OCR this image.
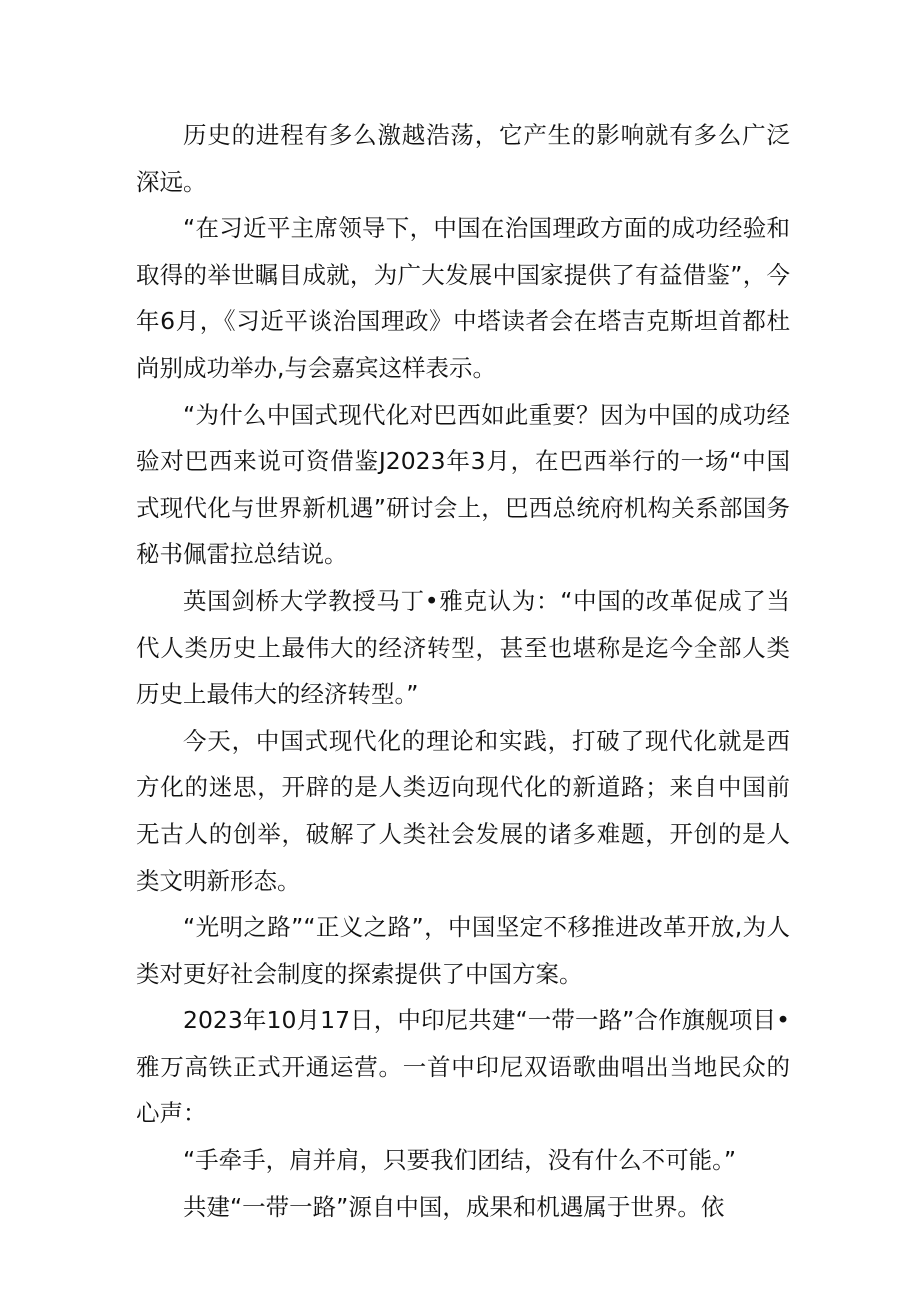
历史的进程有多么激越浩荡，它产生的影响就有多么广泛深远。

“在习近平主席领导下，中国在治国理政方面的成功经验和取得的举世瞩目成就，为广大发展中国家提供了有益借鉴”，今年6月，《习近平谈治国理政》中塔读者会在塔吉克斯坦首都杜尚别成功举办,与会嘉宾这样表示。

“为什么中国式现代化对巴西如此重要？因为中国的成功经验对巴西来说可资借鉴J2023年3月，在巴西举行的一场“中国式现代化与世界新机遇”研讨会上，巴西总统府机构关系部国务秘书佩雷拉总结说。

英国剑桥大学教授马丁•雅克认为：“中国的改革促成了当代人类历史上最伟大的经济转型，甚至也堪称是迄今全部人类历史上最伟大的经济转型。”

今天，中国式现代化的理论和实践，打破了现代化就是西方化的迷思，开辟的是人类迈向现代化的新道路；来自中国前无古人的创举，破解了人类社会发展的诸多难题，开创的是人类文明新形态。

“光明之路”“正义之路”，中国坚定不移推进改革开放,为人类对更好社会制度的探索提供了中国方案。

2023年10月17日，中印尼共建“一带一路”合作旗舰项目•雅万高铁正式开通运营。一首中印尼双语歌曲唱出当地民众的心声：

“手牵手，肩并肩，只要我们团结，没有什么不可能。”

共建“一带一路”源自中国，成果和机遇属于世界。依
